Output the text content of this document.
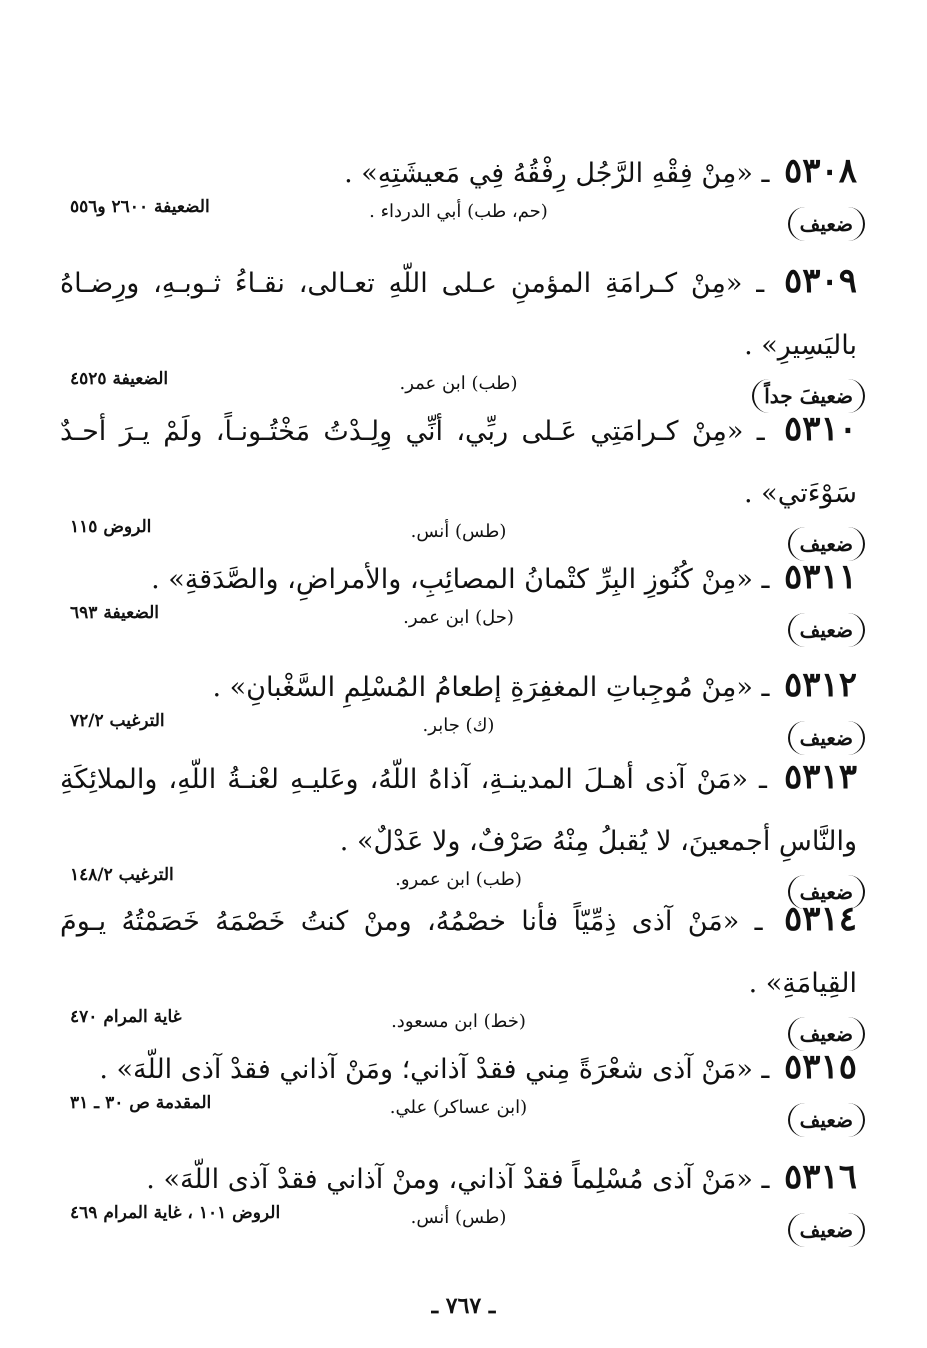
٥٣٠٨ ـ «مِنْ فِقْهِ الرَّجُل رِفْقُهُ فِي مَعيشَتِهِ» .
ضعيف
(حم، طب) أبي الدرداء .
الضعيفة ٢٦٠٠ و٥٥٦
٥٣٠٩ ـ «مِنْ كـرامَةِ المؤمنِ عـلى اللّهِ تعـالى، نقـاءُ ثـوبـهِ، ورِضـاهُ باليَسِيرِ» .
ضعيفَ جداً
(طب) ابن عمر.
الضعيفة ٤٥٢٥
٥٣١٠ ـ «مِنْ كـرامَتِي عَـلى ربِّي، أنِّي وِلِـدْتُ مَخْتُـونـاً، ولَمْ يـرَ أحـدٌ سَوْءَتي» .
ضعيف
(طس) أنس.
الروض ١١٥
٥٣١١ ـ «مِنْ كُنُوزِ البِرِّ كتْمانُ المصائِبِ، والأمراضِ، والصَّدَقةِ» .
ضعيف
(حل) ابن عمر.
الضعيفة ٦٩٣
٥٣١٢ ـ «مِنْ مُوجِباتِ المغفِرَةِ إطعامُ المُسْلِمِ السَّغْبانِ» .
ضعيف
(ك) جابر.
الترغيب ٧٢/٢
٥٣١٣ ـ «مَنْ آذى أهـلَ المدينـةِ، آذاهُ اللّهُ، وعَليـهِ لعْنـةُ اللّهِ، والملائِكَةِ والنَّاسِ أجمعينَ، لا يُقبلُ مِنْهُ صَرْفٌ، ولا عَدْلٌ» .
ضعيف
(طب) ابن عمرو.
الترغيب ١٤٨/٢
٥٣١٤ ـ «مَنْ آذى ذِمِّيّاً فأنا خصْمُهُ، ومنْ كنتُ خَصْمَهُ خَصَمْتُهُ يـومَ القِيامَةِ» .
ضعيف
(خط) ابن مسعود.
غاية المرام ٤٧٠
٥٣١٥ ـ «مَنْ آذى شعْرَةً مِني فقدْ آذاني؛ ومَنْ آذاني فقدْ آذى اللّهَ» .
ضعيف
(ابن عساكر) علي.
المقدمة ص ٣٠ ـ ٣١
٥٣١٦ ـ «مَنْ آذى مُسْلِماً فقدْ آذاني، ومنْ آذاني فقدْ آذى اللّهَ» .
ضعيف
(طس) أنس.
الروض ١٠١ ، غاية المرام ٤٦٩
ـ ٧٦٧ ـ
